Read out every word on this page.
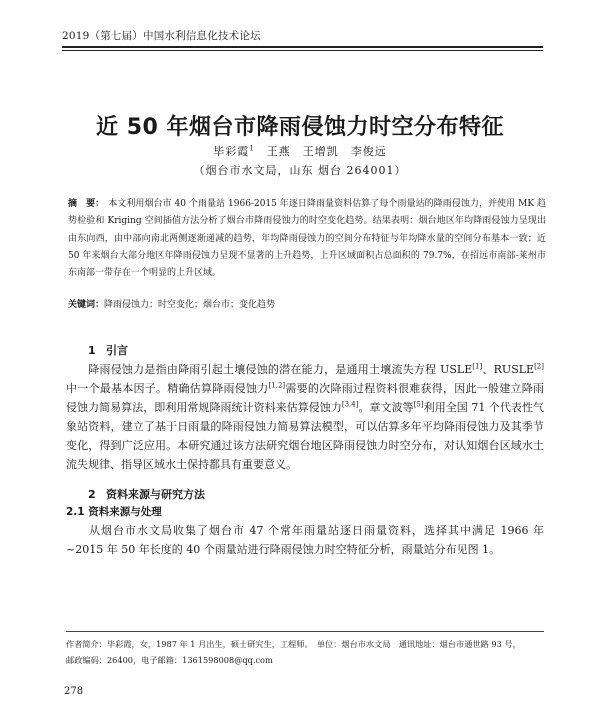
2019（第七届）中国水利信息化技术论坛
近 50 年烟台市降雨侵蚀力时空分布特征
毕彩霞$^1$　 王燕　王增凯　李俊远
（烟台市水文局，山东 烟台 264001）
摘　要： 本文利用烟台市 40 个雨量站 1966-2015 年逐日降雨量资料估算了每个雨量站的降雨侵蚀力，并使用 MK 趋势检验和 Kriging 空间插值方法分析了烟台市降雨侵蚀力的时空变化趋势。结果表明：烟台地区年均降雨侵蚀力呈现出由东向西，由中部向南北两侧逐渐递减的趋势，年均降雨侵蚀力的空间分布特征与年均降水量的空间分布基本一致；近 50 年来烟台大部分地区年降雨侵蚀力呈现不显著的上升趋势，上升区域面积占总面积的 79.7%，在招远市南部-莱州市东南部一带存在一个明显的上升区域。
关键词：降雨侵蚀力；时空变化；烟台市；变化趋势
1 引言
降雨侵蚀力是指由降雨引起土壤侵蚀的潜在能力，是通用土壤流失方程 USLE[1]、RUSLE[2]中一个最基本因子。精确估算降雨侵蚀力[1,2]需要的次降雨过程资料很难获得，因此一般建立降雨侵蚀力简易算法，即利用常规降雨统计资料来估算侵蚀力[3,4]。章文波等[5]利用全国 71 个代表性气象站资料，建立了基于日雨量的降雨侵蚀力简易算法模型，可以估算多年平均降雨侵蚀力及其季节变化，得到广泛应用。本研究通过该方法研究烟台地区降雨侵蚀力时空分布，对认知烟台区域水土流失规律、指导区域水土保持都具有重要意义。
2 资料来源与研究方法
2.1 资料来源与处理
从烟台市水文局收集了烟台市 47 个常年雨量站逐日雨量资料，选择其中满足 1966 年~2015 年 50 年长度的 40 个雨量站进行降雨侵蚀力时空特征分析，雨量站分布见图 1。
作者简介：毕彩霞，女，1987 年 1 月出生，硕士研究生，工程师。　单位：烟台市水文局　通讯地址：烟台市通世路 93 号，
邮政编码：26400，电子邮箱：1361598008@qq.com
278
